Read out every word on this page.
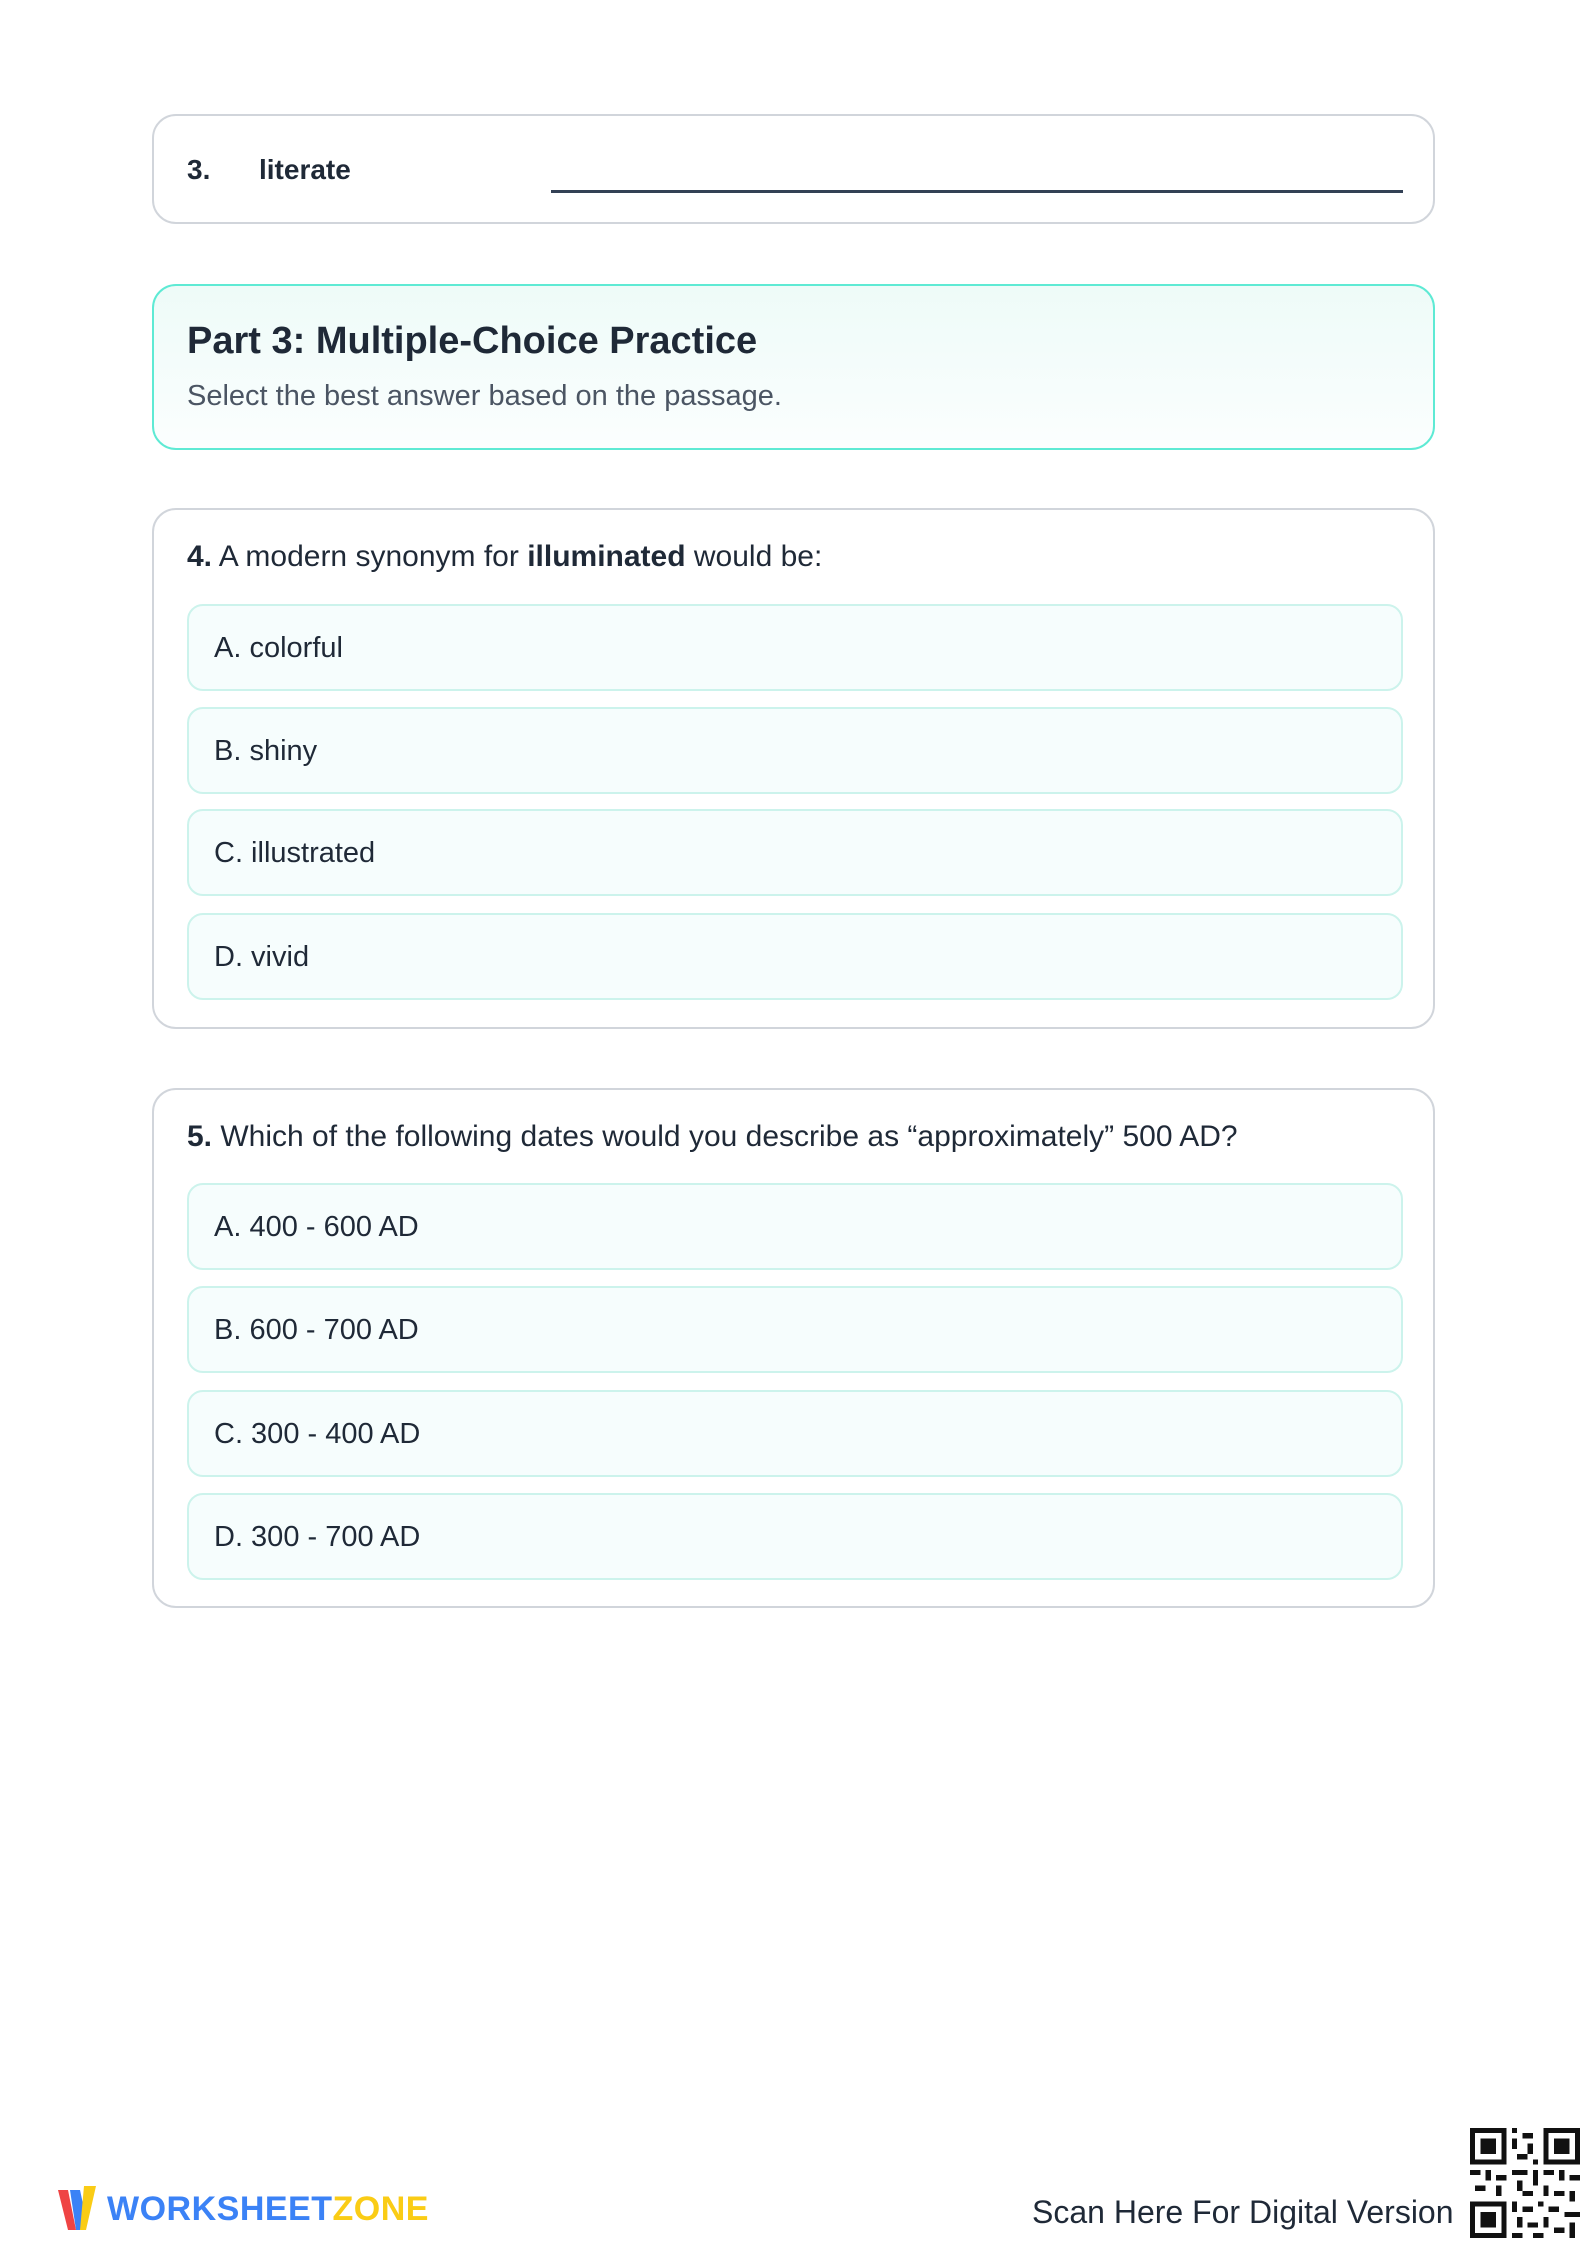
3. literate
Part 3: Multiple-Choice Practice
Select the best answer based on the passage.
4. A modern synonym for illuminated would be:
A. colorful
B. shiny
C. illustrated
D. vivid
5. Which of the following dates would you describe as “approximately” 500 AD?
A. 400 - 600 AD
B. 600 - 700 AD
C. 300 - 400 AD
D. 300 - 700 AD
WORKSHEETZONE	Scan Here For Digital Version
